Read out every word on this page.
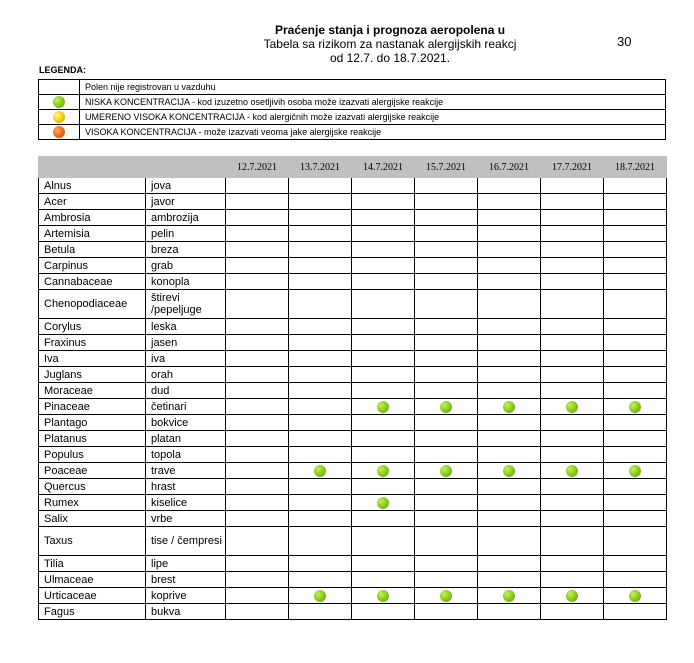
Praćenje stanja i prognoza aeropolena u
Tabela sa rizikom za nastanak alergijskih reakcj
od 12.7. do 18.7.2021.
30
LEGENDA:
	Polen nije registrovan u vazduhu
	NISKA KONCENTRACIJA - kod izuzetno osetljivih osoba može izazvati alergijske reakcije
	UMERENO VISOKA KONCENTRACIJA - kod alergičnih može izazvati alergijske reakcije
	VISOKA KONCENTRACIJA - može izazvati veoma jake alergijske reakcije
		12.7.2021	13.7.2021	14.7.2021	15.7.2021	16.7.2021	17.7.2021	18.7.2021
Alnus	jova							
Acer	javor							
Ambrosia	ambrozija							
Artemisia	pelin							
Betula	breza							
Carpinus	grab							
Cannabaceae	konopla							
Chenopodiaceae	štirevi /pepeljuge							
Corylus	leska							
Fraxinus	jasen							
Iva	iva							
Juglans	orah							
Moraceae	dud							
Pinaceae	četinari							
Plantago	bokvice							
Platanus	platan							
Populus	topola							
Poaceae	trave							
Quercus	hrast							
Rumex	kiselice							
Salix	vrbe							
Taxus	tise / čempresi							
Tilia	lipe							
Ulmaceae	brest							
Urticaceae	koprive							
Fagus	bukva							
